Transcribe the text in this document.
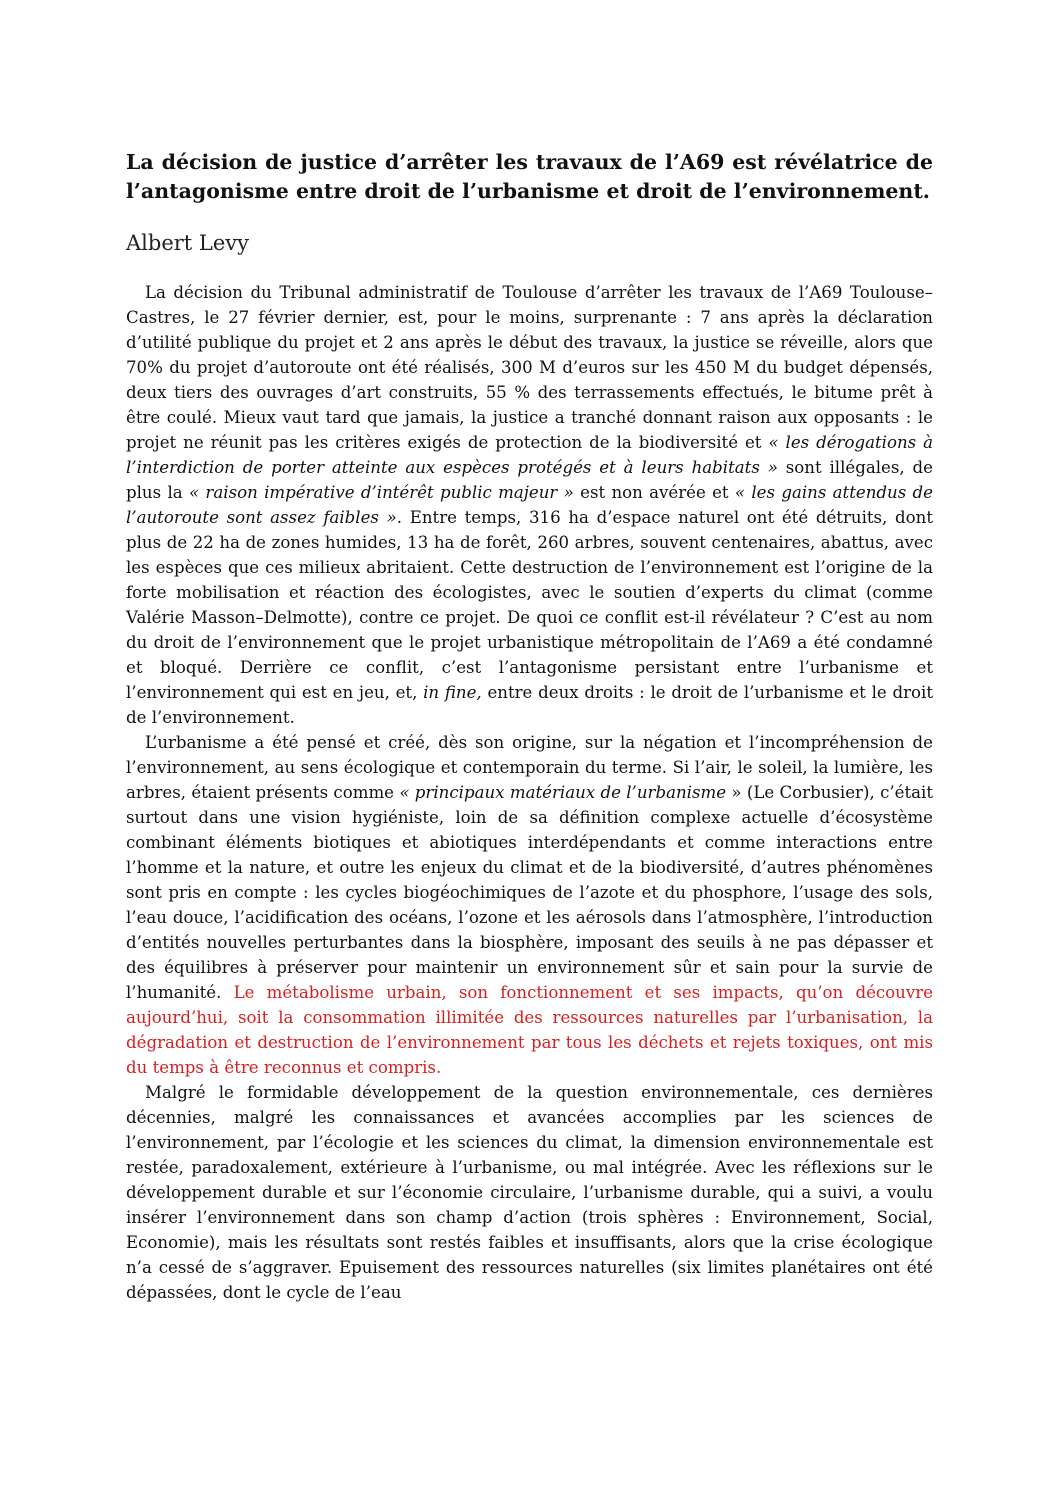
La décision de justice d’arrêter les travaux de l’A69 est révélatrice de l’antagonisme entre droit de l’urbanisme et droit de l’environnement.
Albert Levy

La décision du Tribunal administratif de Toulouse d’arrêter les travaux de l’A69 Toulouse–Castres, le 27 février dernier, est, pour le moins, surprenante : 7 ans après la déclaration d’utilité publique du projet et 2 ans après le début des travaux, la justice se réveille, alors que 70% du projet d’autoroute ont été réalisés, 300 M d’euros sur les 450 M du budget dépensés, deux tiers des ouvrages d’art construits, 55 % des terrassements effectués, le bitume prêt à être coulé. Mieux vaut tard que jamais, la justice a tranché donnant raison aux opposants : le projet ne réunit pas les critères exigés de protection de la biodiversité et « les dérogations à l’interdiction de porter atteinte aux espèces protégés et à leurs habitats » sont illégales, de plus la « raison impérative d’intérêt public majeur » est non avérée et « les gains attendus de l’autoroute sont assez faibles ». Entre temps, 316 ha d’espace naturel ont été détruits, dont plus de 22 ha de zones humides, 13 ha de forêt, 260 arbres, souvent centenaires, abattus, avec les espèces que ces milieux abritaient. Cette destruction de l’environnement est l’origine de la forte mobilisation et réaction des écologistes, avec le soutien d’experts du climat (comme Valérie Masson–Delmotte), contre ce projet. De quoi ce conflit est-il révélateur ? C’est au nom du droit de l’environnement que le projet urbanistique métropolitain de l’A69 a été condamné et bloqué. Derrière ce conflit, c’est l’antagonisme persistant entre l’urbanisme et l’environnement qui est en jeu, et, in fine, entre deux droits : le droit de l’urbanisme et le droit de l’environnement.

L’urbanisme a été pensé et créé, dès son origine, sur la négation et l’incompréhension de l’environnement, au sens écologique et contemporain du terme. Si l’air, le soleil, la lumière, les arbres, étaient présents comme « principaux matériaux de l’urbanisme » (Le Corbusier), c’était surtout dans une vision hygiéniste, loin de sa définition complexe actuelle d’écosystème combinant éléments biotiques et abiotiques interdépendants et comme interactions entre l’homme et la nature, et outre les enjeux du climat et de la biodiversité, d’autres phénomènes sont pris en compte : les cycles biogéochimiques de l’azote et du phosphore, l’usage des sols, l’eau douce, l’acidification des océans, l’ozone et les aérosols dans l’atmosphère, l’introduction d’entités nouvelles perturbantes dans la biosphère, imposant des seuils à ne pas dépasser et des équilibres à préserver pour maintenir un environnement sûr et sain pour la survie de l’humanité. Le métabolisme urbain, son fonctionnement et ses impacts, qu’on découvre aujourd’hui, soit la consommation illimitée des ressources naturelles par l’urbanisation, la dégradation et destruction de l’environnement par tous les déchets et rejets toxiques, ont mis du temps à être reconnus et compris.

Malgré le formidable développement de la question environnementale, ces dernières décennies, malgré les connaissances et avancées accomplies par les sciences de l’environnement, par l’écologie et les sciences du climat, la dimension environnementale est restée, paradoxalement, extérieure à l’urbanisme, ou mal intégrée. Avec les réflexions sur le développement durable et sur l’économie circulaire, l’urbanisme durable, qui a suivi, a voulu insérer l’environnement dans son champ d’action (trois sphères : Environnement, Social, Economie), mais les résultats sont restés faibles et insuffisants, alors que la crise écologique n’a cessé de s’aggraver. Epuisement des ressources naturelles (six limites planétaires ont été dépassées, dont le cycle de l’eau
